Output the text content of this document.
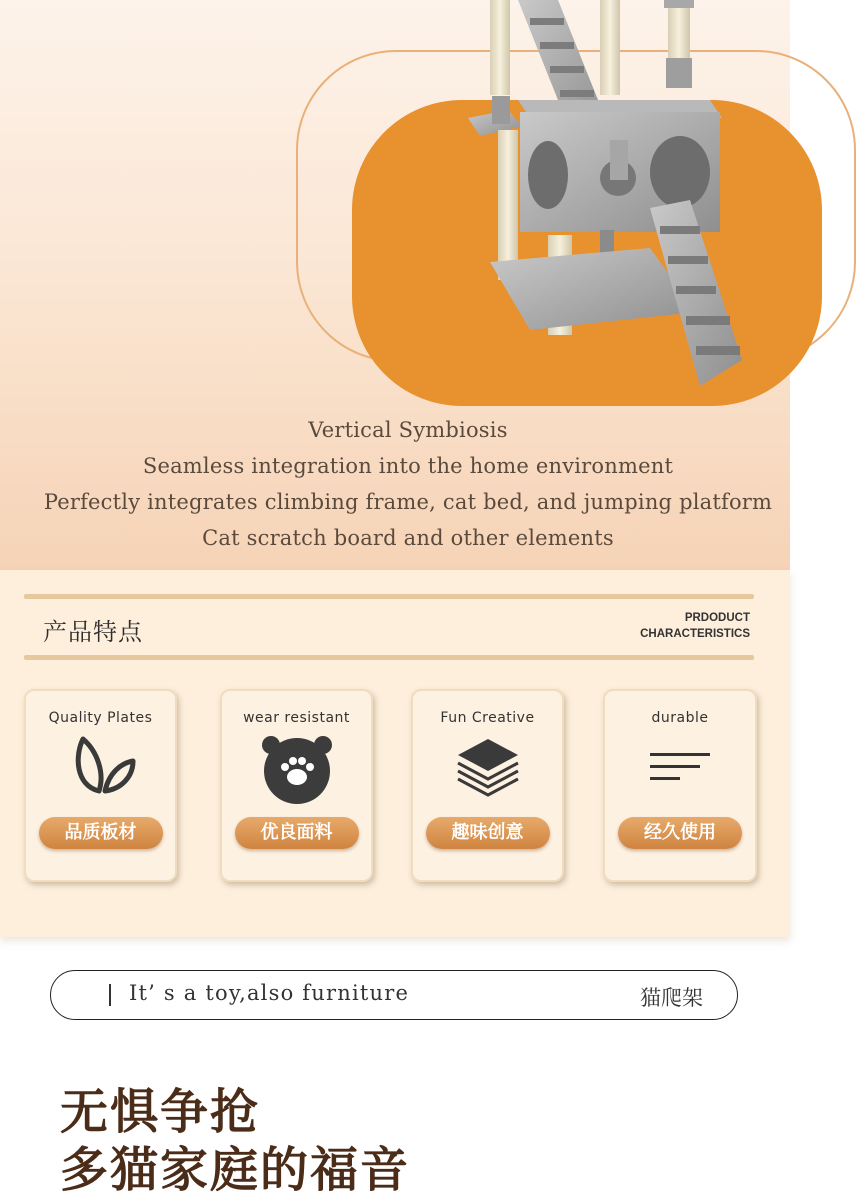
Vertical Symbiosis
Seamless integration into the home environment
Perfectly integrates climbing frame, cat bed, and jumping platform
Cat scratch board and other elements
产品特点	PRDODUCT
CHARACTERISTICS
Quality Plates
品质板材
wear resistant
优良面料
Fun Creative
趣味创意
durable
经久使用
It’ s a toy,also furniture	猫爬架
无惧争抢
多猫家庭的福音
